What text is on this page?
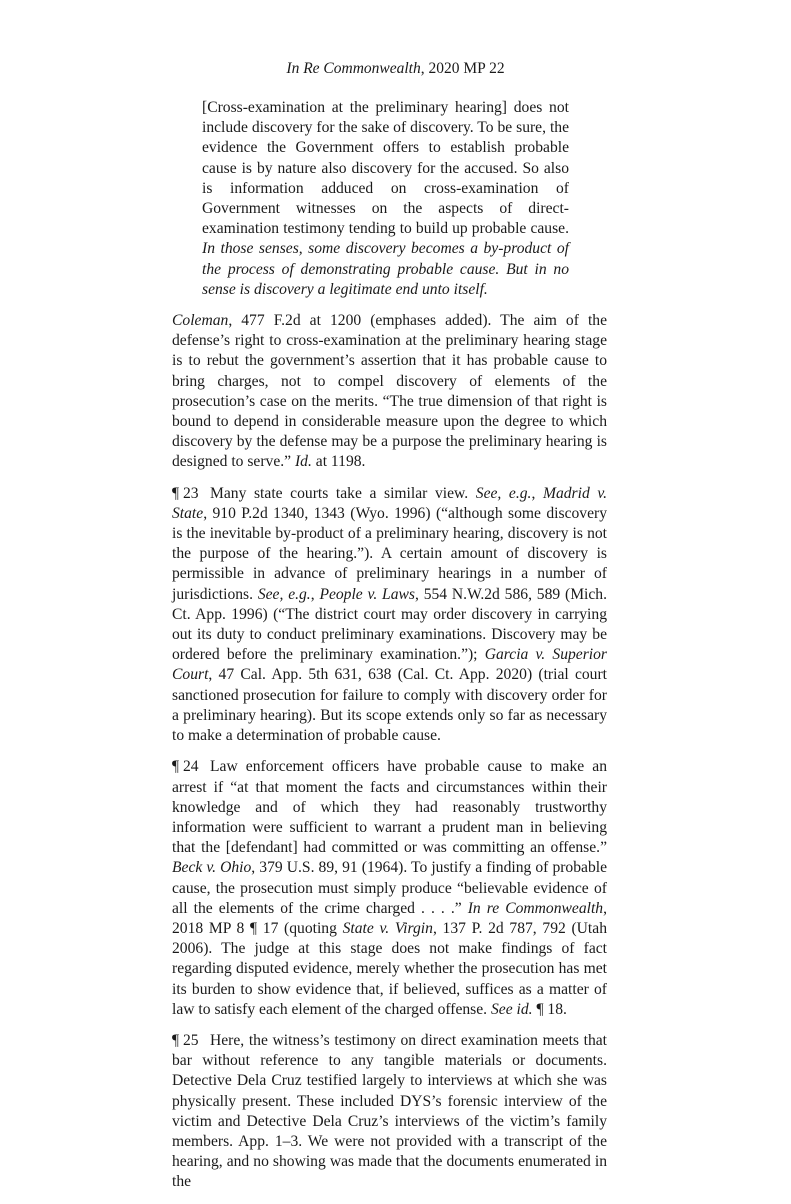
In Re Commonwealth, 2020 MP 22

[Cross-examination at the preliminary hearing] does not include discovery for the sake of discovery. To be sure, the evidence the Government offers to establish probable cause is by nature also discovery for the accused. So also is information adduced on cross-examination of Government witnesses on the aspects of direct-examination testimony tending to build up probable cause. In those senses, some discovery becomes a by-product of the process of demonstrating probable cause. But in no sense is discovery a legitimate end unto itself.

Coleman, 477 F.2d at 1200 (emphases added). The aim of the defense’s right to cross-examination at the preliminary hearing stage is to rebut the government’s assertion that it has probable cause to bring charges, not to compel discovery of elements of the prosecution’s case on the merits. “The true dimension of that right is bound to depend in considerable measure upon the degree to which discovery by the defense may be a purpose the preliminary hearing is designed to serve.” Id. at 1198.

¶ 23 Many state courts take a similar view. See, e.g., Madrid v. State, 910 P.2d 1340, 1343 (Wyo. 1996) (“although some discovery is the inevitable by-product of a preliminary hearing, discovery is not the purpose of the hearing.”). A certain amount of discovery is permissible in advance of preliminary hearings in a number of jurisdictions. See, e.g., People v. Laws, 554 N.W.2d 586, 589 (Mich. Ct. App. 1996) (“The district court may order discovery in carrying out its duty to conduct preliminary examinations. Discovery may be ordered before the preliminary examination.”); Garcia v. Superior Court, 47 Cal. App. 5th 631, 638 (Cal. Ct. App. 2020) (trial court sanctioned prosecution for failure to comply with discovery order for a preliminary hearing). But its scope extends only so far as necessary to make a determination of probable cause.

¶ 24 Law enforcement officers have probable cause to make an arrest if “at that moment the facts and circumstances within their knowledge and of which they had reasonably trustworthy information were sufficient to warrant a prudent man in believing that the [defendant] had committed or was committing an offense.” Beck v. Ohio, 379 U.S. 89, 91 (1964). To justify a finding of probable cause, the prosecution must simply produce “believable evidence of all the elements of the crime charged . . . .” In re Commonwealth, 2018 MP 8 ¶ 17 (quoting State v. Virgin, 137 P. 2d 787, 792 (Utah 2006). The judge at this stage does not make findings of fact regarding disputed evidence, merely whether the prosecution has met its burden to show evidence that, if believed, suffices as a matter of law to satisfy each element of the charged offense. See id. ¶ 18.

¶ 25 Here, the witness’s testimony on direct examination meets that bar without reference to any tangible materials or documents. Detective Dela Cruz testified largely to interviews at which she was physically present. These included DYS’s forensic interview of the victim and Detective Dela Cruz’s interviews of the victim’s family members. App. 1–3. We were not provided with a transcript of the hearing, and no showing was made that the documents enumerated in the
